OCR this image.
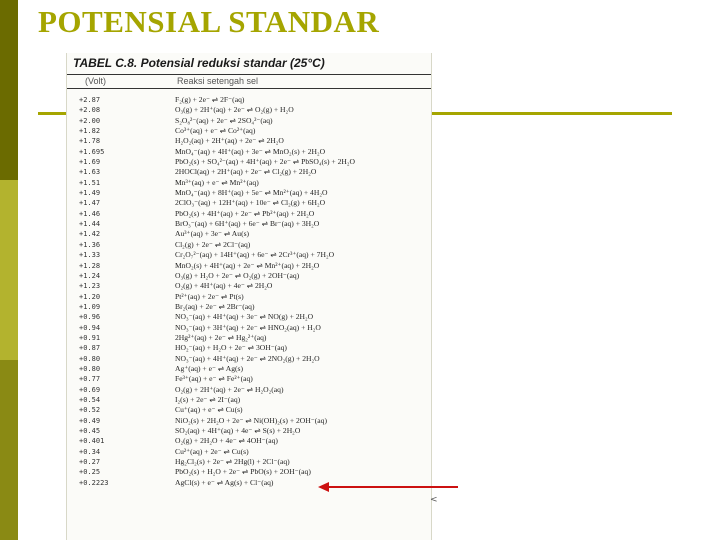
POTENSIAL STANDAR
TABEL C.8. Potensial reduksi standar (25°C)
(Volt)	Reaksi setengah sel
+2.87	F₂(g) + 2e⁻ ⇌ 2F⁻(aq)
+2.08	O₃(g) + 2H⁺(aq) + 2e⁻ ⇌ O₂(g) + H₂O
+2.00	S₂O₈²⁻(aq) + 2e⁻ ⇌ 2SO₄²⁻(aq)
+1.82	Co³⁺(aq) + e⁻ ⇌ Co²⁺(aq)
+1.78	H₂O₂(aq) + 2H⁺(aq) + 2e⁻ ⇌ 2H₂O
+1.695	MnO₄⁻(aq) + 4H⁺(aq) + 3e⁻ ⇌ MnO₂(s) + 2H₂O
+1.69	PbO₂(s) + SO₄²⁻(aq) + 4H⁺(aq) + 2e⁻ ⇌ PbSO₄(s) + 2H₂O
+1.63	2HOCl(aq) + 2H⁺(aq) + 2e⁻ ⇌ Cl₂(g) + 2H₂O
+1.51	Mn³⁺(aq) + e⁻ ⇌ Mn²⁺(aq)
+1.49	MnO₄⁻(aq) + 8H⁺(aq) + 5e⁻ ⇌ Mn²⁺(aq) + 4H₂O
+1.47	2ClO₃⁻(aq) + 12H⁺(aq) + 10e⁻ ⇌ Cl₂(g) + 6H₂O
+1.46	PbO₂(s) + 4H⁺(aq) + 2e⁻ ⇌ Pb²⁺(aq) + 2H₂O
+1.44	BrO₃⁻(aq) + 6H⁺(aq) + 6e⁻ ⇌ Br⁻(aq) + 3H₂O
+1.42	Au³⁺(aq) + 3e⁻ ⇌ Au(s)
+1.36	Cl₂(g) + 2e⁻ ⇌ 2Cl⁻(aq)
+1.33	Cr₂O₇²⁻(aq) + 14H⁺(aq) + 6e⁻ ⇌ 2Cr³⁺(aq) + 7H₂O
+1.28	MnO₂(s) + 4H⁺(aq) + 2e⁻ ⇌ Mn²⁺(aq) + 2H₂O
+1.24	O₃(g) + H₂O + 2e⁻ ⇌ O₂(g) + 2OH⁻(aq)
+1.23	O₂(g) + 4H⁺(aq) + 4e⁻ ⇌ 2H₂O
+1.20	Pt²⁺(aq) + 2e⁻ ⇌ Pt(s)
+1.09	Br₂(aq) + 2e⁻ ⇌ 2Br⁻(aq)
+0.96	NO₃⁻(aq) + 4H⁺(aq) + 3e⁻ ⇌ NO(g) + 2H₂O
+0.94	NO₃⁻(aq) + 3H⁺(aq) + 2e⁻ ⇌ HNO₂(aq) + H₂O
+0.91	2Hg²⁺(aq) + 2e⁻ ⇌ Hg₂²⁺(aq)
+0.87	HO₂⁻(aq) + H₂O + 2e⁻ ⇌ 3OH⁻(aq)
+0.80	NO₃⁻(aq) + 4H⁺(aq) + 2e⁻ ⇌ 2NO₂(g) + 2H₂O
+0.80	Ag⁺(aq) + e⁻ ⇌ Ag(s)
+0.77	Fe³⁺(aq) + e⁻ ⇌ Fe²⁺(aq)
+0.69	O₂(g) + 2H⁺(aq) + 2e⁻ ⇌ H₂O₂(aq)
+0.54	I₂(s) + 2e⁻ ⇌ 2I⁻(aq)
+0.52	Cu⁺(aq) + e⁻ ⇌ Cu(s)
+0.49	NiO₂(s) + 2H₂O + 2e⁻ ⇌ Ni(OH)₂(s) + 2OH⁻(aq)
+0.45	SO₂(aq) + 4H⁺(aq) + 4e⁻ ⇌ S(s) + 2H₂O
+0.401	O₂(g) + 2H₂O + 4e⁻ ⇌ 4OH⁻(aq)
+0.34	Cu²⁺(aq) + 2e⁻ ⇌ Cu(s)
+0.27	Hg₂Cl₂(s) + 2e⁻ ⇌ 2Hg(l) + 2Cl⁻(aq)
+0.25	PbO₂(s) + H₂O + 2e⁻ ⇌ PbO(s) + 2OH⁻(aq)
+0.2223	AgCl(s) + e⁻ ⇌ Ag(s) + Cl⁻(aq)
<
